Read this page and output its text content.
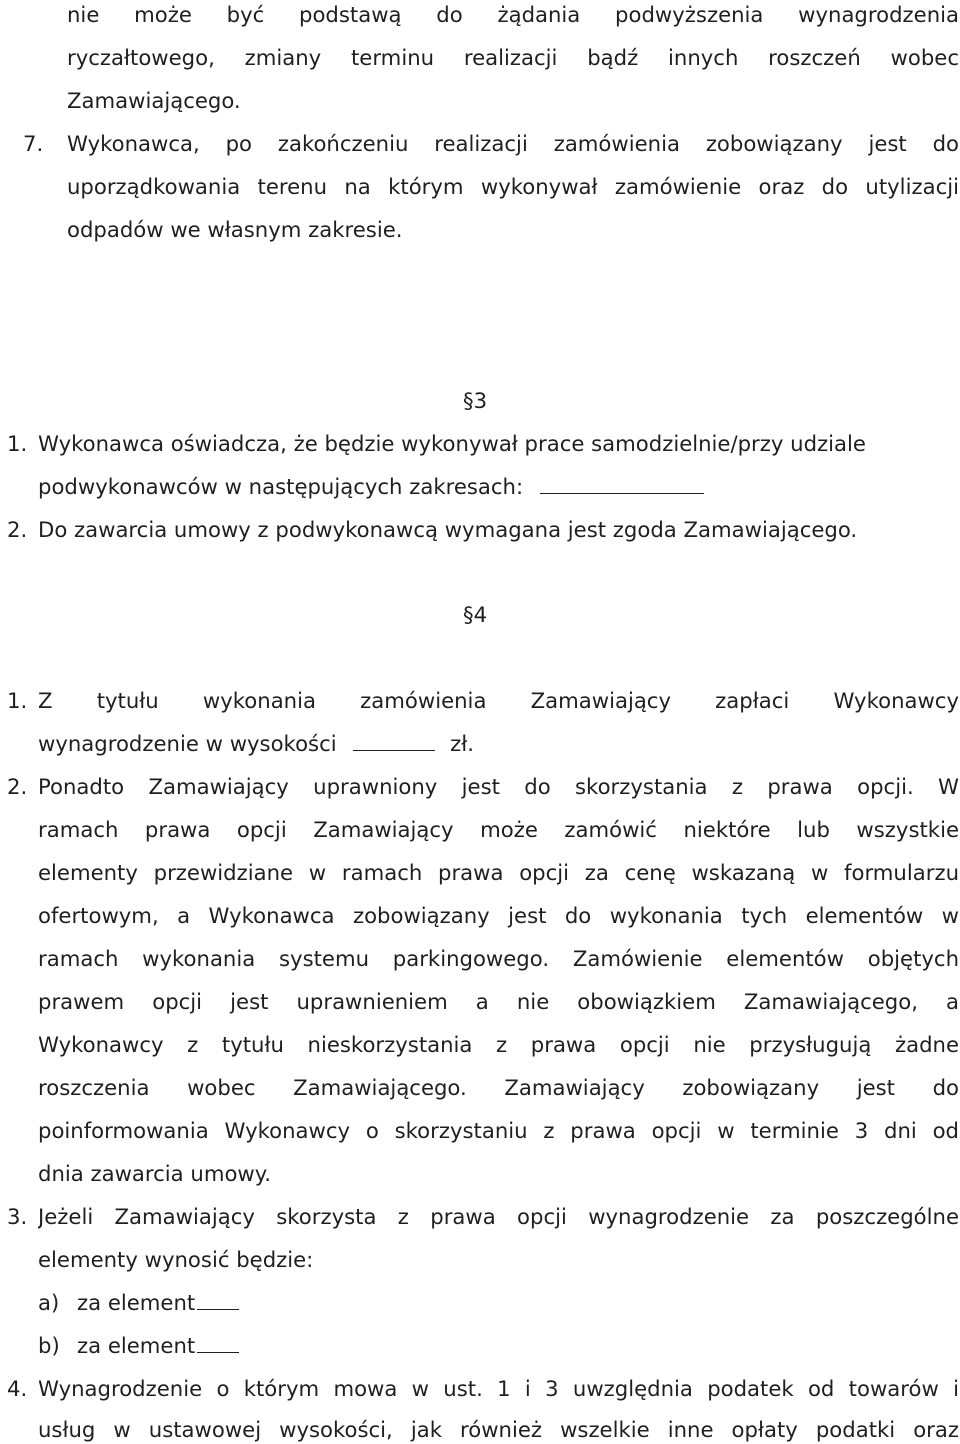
nie może być podstawą do żądania podwyższenia wynagrodzenia
ryczałtowego, zmiany terminu realizacji bądź innych roszczeń wobec
Zamawiającego.
7. Wykonawca, po zakończeniu realizacji zamówienia zobowiązany jest do
uporządkowania terenu na którym wykonywał zamówienie oraz do utylizacji
odpadów we własnym zakresie.
§3
1. Wykonawca oświadcza, że będzie wykonywał prace samodzielnie/przy udziale
podwykonawców w następujących zakresach:
2. Do zawarcia umowy z podwykonawcą wymagana jest zgoda Zamawiającego.
§4
1. Z tytułu wykonania zamówienia Zamawiający zapłaci Wykonawcy
wynagrodzenie w wysokości	zł.
2. Ponadto Zamawiający uprawniony jest do skorzystania z prawa opcji. W
ramach prawa opcji Zamawiający może zamówić niektóre lub wszystkie
elementy przewidziane w ramach prawa opcji za cenę wskazaną w formularzu
ofertowym, a Wykonawca zobowiązany jest do wykonania tych elementów w
ramach wykonania systemu parkingowego. Zamówienie elementów objętych
prawem opcji jest uprawnieniem a nie obowiązkiem Zamawiającego, a
Wykonawcy z tytułu nieskorzystania z prawa opcji nie przysługują żadne
roszczenia wobec Zamawiającego. Zamawiający zobowiązany jest do
poinformowania Wykonawcy o skorzystaniu z prawa opcji w terminie 3 dni od
dnia zawarcia umowy.
3. Jeżeli Zamawiający skorzysta z prawa opcji wynagrodzenie za poszczególne
elementy wynosić będzie:
a) za element
b) za element
4. Wynagrodzenie o którym mowa w ust. 1 i 3 uwzględnia podatek od towarów i
usług w ustawowej wysokości, jak również wszelkie inne opłaty podatki oraz
